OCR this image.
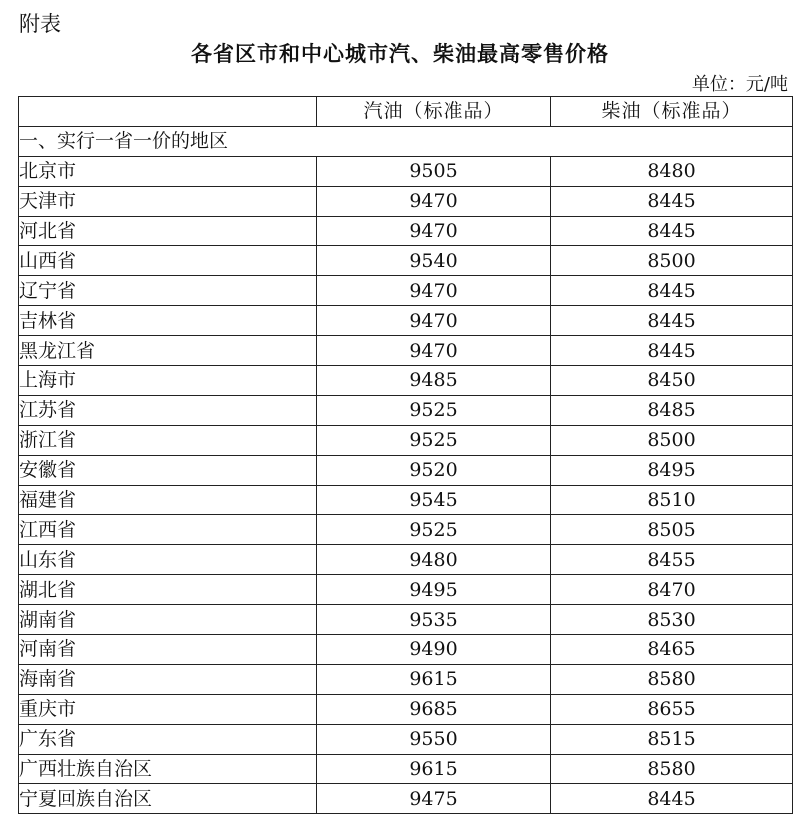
附表
各省区市和中心城市汽、柴油最高零售价格
单位：元/吨
	汽油（标准品）	柴油（标准品）
一、实行一省一价的地区		
北京市	9505	8480
天津市	9470	8445
河北省	9470	8445
山西省	9540	8500
辽宁省	9470	8445
吉林省	9470	8445
黑龙江省	9470	8445
上海市	9485	8450
江苏省	9525	8485
浙江省	9525	8500
安徽省	9520	8495
福建省	9545	8510
江西省	9525	8505
山东省	9480	8455
湖北省	9495	8470
湖南省	9535	8530
河南省	9490	8465
海南省	9615	8580
重庆市	9685	8655
广东省	9550	8515
广西壮族自治区	9615	8580
宁夏回族自治区	9475	8445
